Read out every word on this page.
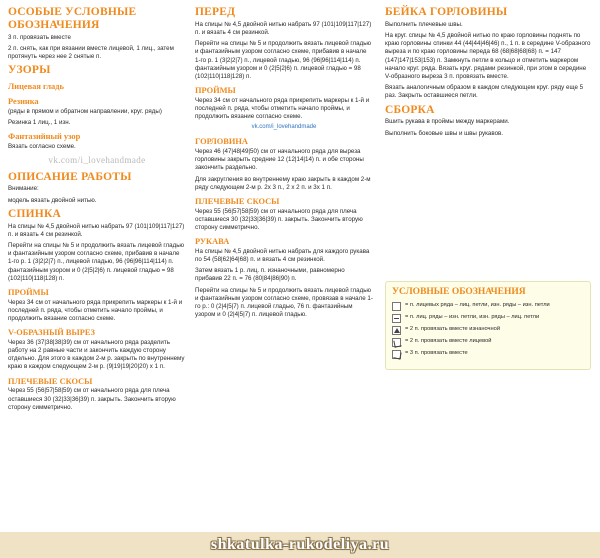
ОСОБЫЕ УСЛОВНЫЕ ОБОЗНАЧЕНИЯ

3 п. провязать вместе

2 п. снять, как при вязании вместе лицевой, 1 лиц., затем протянуть через нее 2 снятые п.

УЗОРЫ
Лицевая гладь
Резинка

(ряды в прямом и обратном направлении, круг. ряды)

Резинка 1 лиц., 1 изн.

Фантазийный узор

Вязать согласно схеме.

vk.com/i_lovehandmade
ОПИСАНИЕ РАБОТЫ

Внимание:

модель вязать двойной нитью.

СПИНКА

На спицы № 4,5 двойной нитью набрать 97 (101|109|117|127) п. и вязать 4 см резинкой.

Перейти на спицы № 5 и продолжить вязать лицевой гладью и фантазийным узором согласно схеме, прибавив в начале 1-го р. 1 (3|2|2|7) п., лицевой гладью, 96 (96|96|114|114) п. фантазийным узором и 0 (2|5|2|6) п. лицевой гладью = 98 (102|110|118|128) п.

ПРОЙМЫ

Через 34 см от начального ряда прикрепить маркеры к 1-й и последней п. ряда, чтобы отметить начало проймы, и продолжить вязание согласно схеме.

V-ОБРАЗНЫЙ ВЫРЕЗ

Через 36 (37|38|38|39) см от начального ряда разделить работу на 2 равные части и закончить каждую сторону отдельно. Для этого в каждом 2-м р. закрыть по внутреннему краю в каждом следующем 2-м р. (9|19|19|20|20) х 1 п.

ПЛЕЧЕВЫЕ СКОСЫ

Через 55 (56|57|58|59) см от начального ряда для плеча оставшиеся 30 (32|33|36|39) п. закрыть. Закончить вторую сторону симметрично.

ПЕРЕД

На спицы № 4,5 двойной нитью набрать 97 (101|109|117|127) п. и вязать 4 см резинкой.

Перейти на спицы № 5 и продолжить вязать лицевой гладью и фантазийным узором согласно схеме, прибавив в начале 1-го р. 1 (3|2|2|7) п., лицевой гладью, 96 (96|96|114|114) п. фантазийным узором и 0 (2|5|2|6) п. лицевой гладью = 98 (102|110|118|128) п.

ПРОЙМЫ

Через 34 см от начального ряда прикрепить маркеры к 1-й и последней п. ряда, чтобы отметить начало проймы, и продолжить вязание согласно схеме.

vk.com/i_lovehandmade
ГОРЛОВИНА

Через 46 (47|48|49|50) см от начального ряда для выреза горловины закрыть средние 12 (12|14|14) п. и обе стороны закончить раздельно.

Для закругления во внутреннему краю закрыть в каждом 2-м ряду следующем 2-м р. 2х 3 п., 2 х 2 п. и 3х 1 п.

ПЛЕЧЕВЫЕ СКОСЫ

Через 55 (56|57|58|59) см от начального ряда для плеча оставшиеся 30 (32|33|36|39) п. закрыть. Закончить вторую сторону симметрично.

РУКАВА

На спицы № 4,5 двойной нитью набрать для каждого рукава по 54 (58|62|64|68) п. и вязать 4 см резинкой.

Затем вязать 1 р. лиц. п. изнаночными, равномерно прибавив 22 п. = 76 (80|84|86|90) п.

Перейти на спицы № 5 и продолжить вязать лицевой гладью и фантазийным узором согласно схеме, провязав в начале 1-го р.: 0 (2|4|5|7) п. лицевой гладью, 76 п. фантазийным узором и 0 (2|4|5|7) п. лицевой гладью.

БЕЙКА ГОРЛОВИНЫ

Выполнить плечевые швы.

На круг. спицы № 4,5 двойной нитью по краю горловины поднять по краю горловины спинки 44 (44|44|46|46) п., 1 п. в середине V-образного выреза и по краю горловины переда 68 (68|68|68|68) п. = 147 (147|147|153|153) п. Замкнуть петли в кольцо и отметить маркером начало круг. ряда. Вязать круг. рядами резинкой, при этом в середине V-образного выреза 3 п. провязать вместе.

Вязать аналогичным образом в каждом следующем круг. ряду еще 5 раз. Закрыть оставшиеся петли.

СБОРКА

Вшить рукава в проймы между маркерами.

Выполнить боковые швы и швы рукавов.

УСЛОВНЫЕ ОБОЗНАЧЕНИЯ
= п. лицевых ряда – лиц. петли, изн. ряды – изн. петли
= п. лиц. ряды – изн. петли, изн. ряды – лиц. петли
= 2 п. провязать вместе изнаночной
= 2 п. провязать вместе лицевой
= 3 п. провязать вместе
shkatulka-rukodeliya.ru
